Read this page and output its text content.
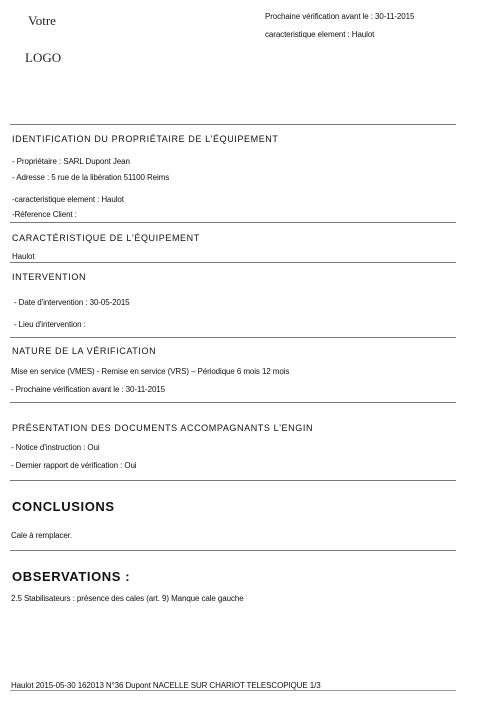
Votre
LOGO
Prochaine vérification avant le : 30-11-2015
caracteristique element : Haulot
IDENTIFICATION DU PROPRIÉTAIRE DE L'ÉQUIPEMENT
- Propriétaire : SARL Dupont Jean
- Adresse : 5 rue de la libération 51100 Reims
-caracteristique element : Haulot
-Réference Client :
CARACTÉRISTIQUE DE L'ÉQUIPEMENT
Haulot
INTERVENTION
- Date d'intervention : 30-05-2015
- Lieu d'intervention :
NATURE DE LA VÉRIFICATION
Mise en service (VMES) - Remise en service (VRS) – Périodique 6 mois 12 mois
- Prochaine vérification avant le : 30-11-2015
PRÉSENTATION DES DOCUMENTS ACCOMPAGNANTS L'ENGIN
- Notice d'instruction : Oui
- Dernier rapport de vérification : Oui
CONCLUSIONS
Cale à remplacer.
OBSERVATIONS :
2.5 Stabilisateurs : présence des cales (art. 9) Manque cale gauche
Haulot 2015-05-30 162013 N°36 Dupont NACELLE SUR CHARIOT TELESCOPIQUE 1/3
